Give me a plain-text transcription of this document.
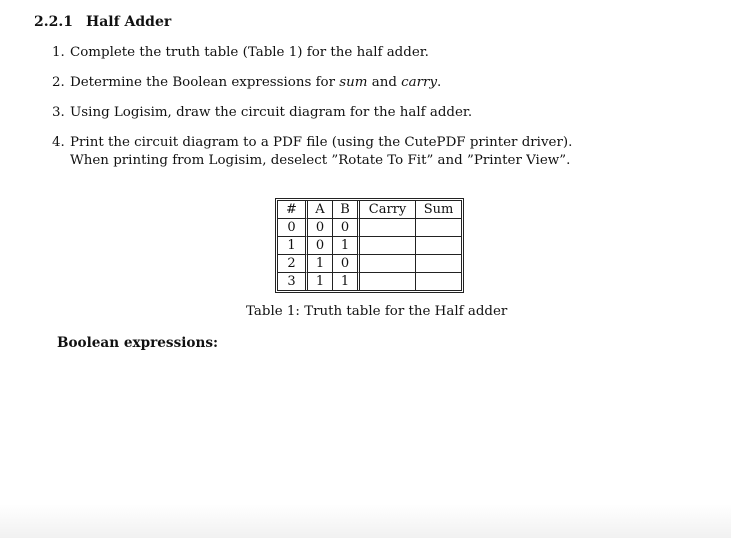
2.2.1 Half Adder
1. Complete the truth table (Table 1) for the half adder.
2. Determine the Boolean expressions for sum and carry.
3. Using Logisim, draw the circuit diagram for the half adder.
4. Print the circuit diagram to a PDF file (using the CutePDF printer driver).
When printing from Logisim, deselect ”Rotate To Fit” and ”Printer View”.
#	A	B	Carry	Sum
0	0	0		
1	0	1		
2	1	0		
3	1	1		
Table 1: Truth table for the Half adder
Boolean expressions:
